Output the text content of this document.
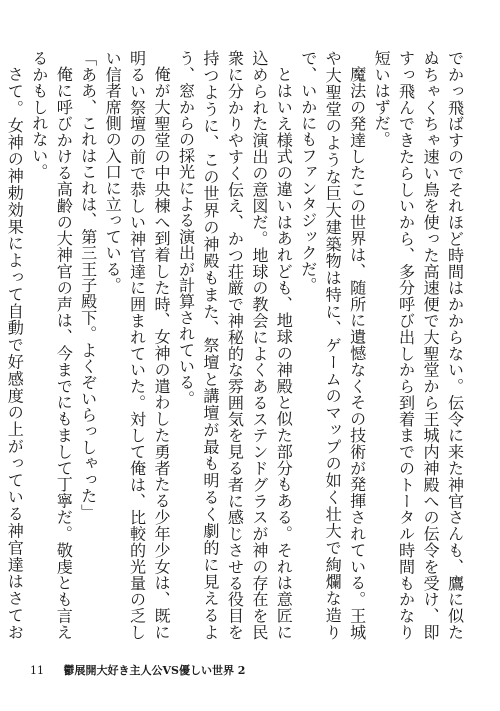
でかっ飛ばすのでそれほど時間はかからない。伝令に来た神官さんも、鷹に似たぬちゃくちゃ速い鳥を使った高速便で大聖堂から王城内神殿への伝令を受け、即すっ飛んできたらしいから、多分呼び出しから到着までのトータル時間もかなり短いはずだ。

魔法の発達したこの世界は、随所に遺憾なくその技術が発揮されている。王城や大聖堂のような巨大建築物は特に、ゲームのマップの如く壮大で絢爛な造りで、いかにもファンタジックだ。

とはいえ様式の違いはあれども、地球の神殿と似た部分もある。それは意匠に込められた演出の意図だ。地球の教会によくあるステンドグラスが神の存在を民衆に分かりやすく伝え、かつ荘厳で神秘的な雰囲気を見る者に感じさせる役目を持つように、この世界の神殿もまた、祭壇と講壇が最も明るく劇的に見えるよう、窓からの採光による演出が計算されている。

俺が大聖堂の中央棟へ到着した時、女神の遣わした勇者たる少年少女は、既に明るい祭壇の前で恭しい神官達に囲まれていた。対して俺は、比較的光量の乏しい信者席側の入口に立っている。

「ああ、これはこれは、第三王子殿下。よくぞいらっしゃった」

俺に呼びかける高齢の大神官の声は、今までにもまして丁寧だ。敬虔とも言えるかもしれない。

さて。女神の神勅効果によって自動で好感度の上がっている神官達はさてお

11 鬱展開大好き主人公VS優しい世界 2
